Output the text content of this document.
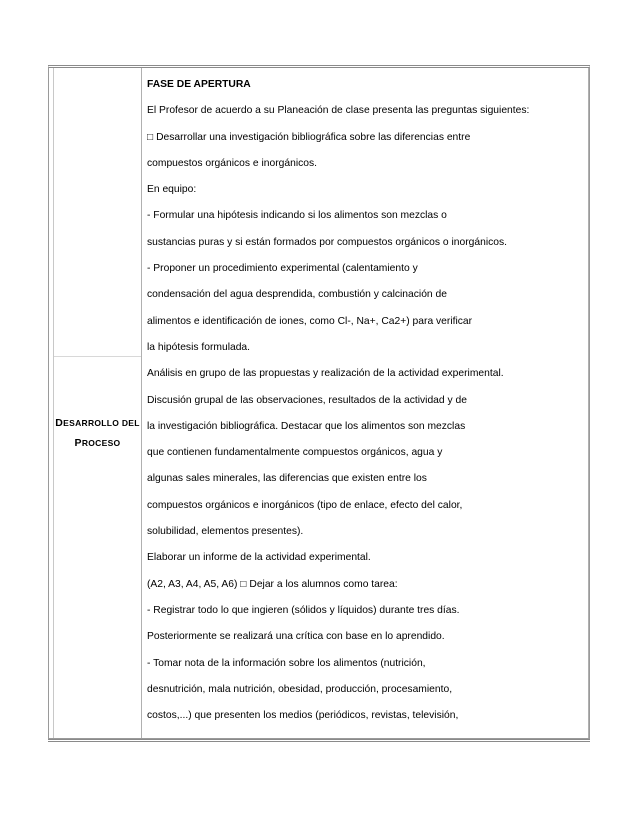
DESARROLLO DEL
PROCESO
FASE DE APERTURA
El Profesor de acuerdo a su Planeación de clase presenta las preguntas siguientes:
□ Desarrollar una investigación bibliográfica sobre las diferencias entre
compuestos orgánicos e inorgánicos.
En equipo:
- Formular una hipótesis indicando si los alimentos son mezclas o
sustancias puras y si están formados por compuestos orgánicos o inorgánicos.
- Proponer un procedimiento experimental (calentamiento y
condensación del agua desprendida, combustión y calcinación de
alimentos e identificación de iones, como Cl-, Na+, Ca2+) para verificar
la hipótesis formulada.
Análisis en grupo de las propuestas y realización de la actividad experimental.
Discusión grupal de las observaciones, resultados de la actividad y de
la investigación bibliográfica. Destacar que los alimentos son mezclas
que contienen fundamentalmente compuestos orgánicos, agua y
algunas sales minerales, las diferencias que existen entre los
compuestos orgánicos e inorgánicos (tipo de enlace, efecto del calor,
solubilidad, elementos presentes).
Elaborar un informe de la actividad experimental.
(A2, A3, A4, A5, A6) □ Dejar a los alumnos como tarea:
- Registrar todo lo que ingieren (sólidos y líquidos) durante tres días.
Posteriormente se realizará una crítica con base en lo aprendido.
- Tomar nota de la información sobre los alimentos (nutrición,
desnutrición, mala nutrición, obesidad, producción, procesamiento,
costos,...) que presenten los medios (periódicos, revistas, televisión,
